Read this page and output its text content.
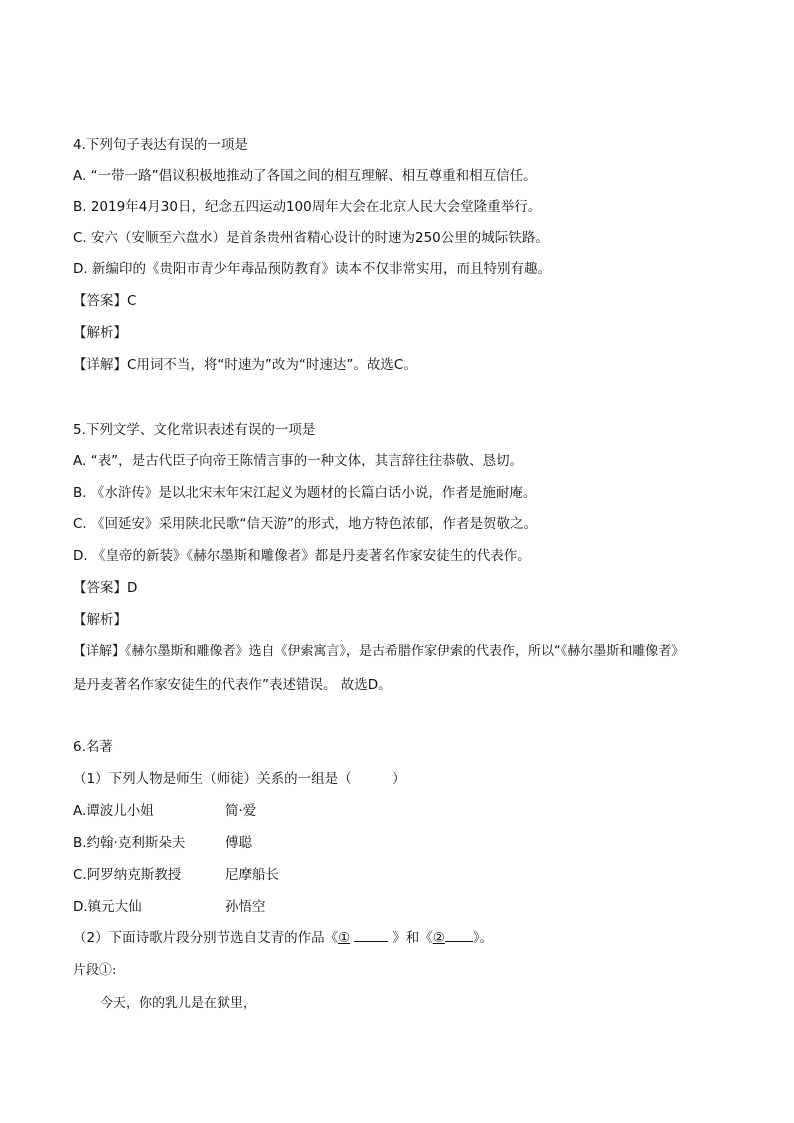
4.下列句子表达有误的一项是
A. “一带一路”倡议积极地推动了各国之间的相互理解、相互尊重和相互信任。
B. 2019年4月30日，纪念五四运动100周年大会在北京人民大会堂隆重举行。
C. 安六（安顺至六盘水）是首条贵州省精心设计的时速为250公里的城际铁路。
D. 新编印的《贵阳市青少年毒品预防教育》读本不仅非常实用，而且特别有趣。
【答案】C
【解析】
【详解】C用词不当，将“时速为”改为“时速达”。故选C。
5.下列文学、文化常识表述有误的一项是
A. “表”，是古代臣子向帝王陈情言事的一种文体，其言辞往往恭敬、恳切。
B. 《水浒传》是以北宋末年宋江起义为题材的长篇白话小说，作者是施耐庵。
C. 《回延安》采用陕北民歌“信天游”的形式，地方特色浓郁，作者是贺敬之。
D. 《皇帝的新装》《赫尔墨斯和雕像者》都是丹麦著名作家安徒生的代表作。
【答案】D
【解析】
【详解】《赫尔墨斯和雕像者》选自《伊索寓言》，是古希腊作家伊索的代表作，所以“《赫尔墨斯和雕像者》
是丹麦著名作家安徒生的代表作”表述错误。 故选D。
6.名著
（1）下列人物是师生（师徒）关系的一组是（　　　）
A.谭波儿小姐	简·爱
B.约翰·克利斯朵夫	傅聪
C.阿罗纳克斯教授	尼摩船长
D.镇元大仙	孙悟空
（2）下面诗歌片段分别节选自艾青的作品《①	》和《② 》。
片段①:
今天，你的乳儿是在狱里，
